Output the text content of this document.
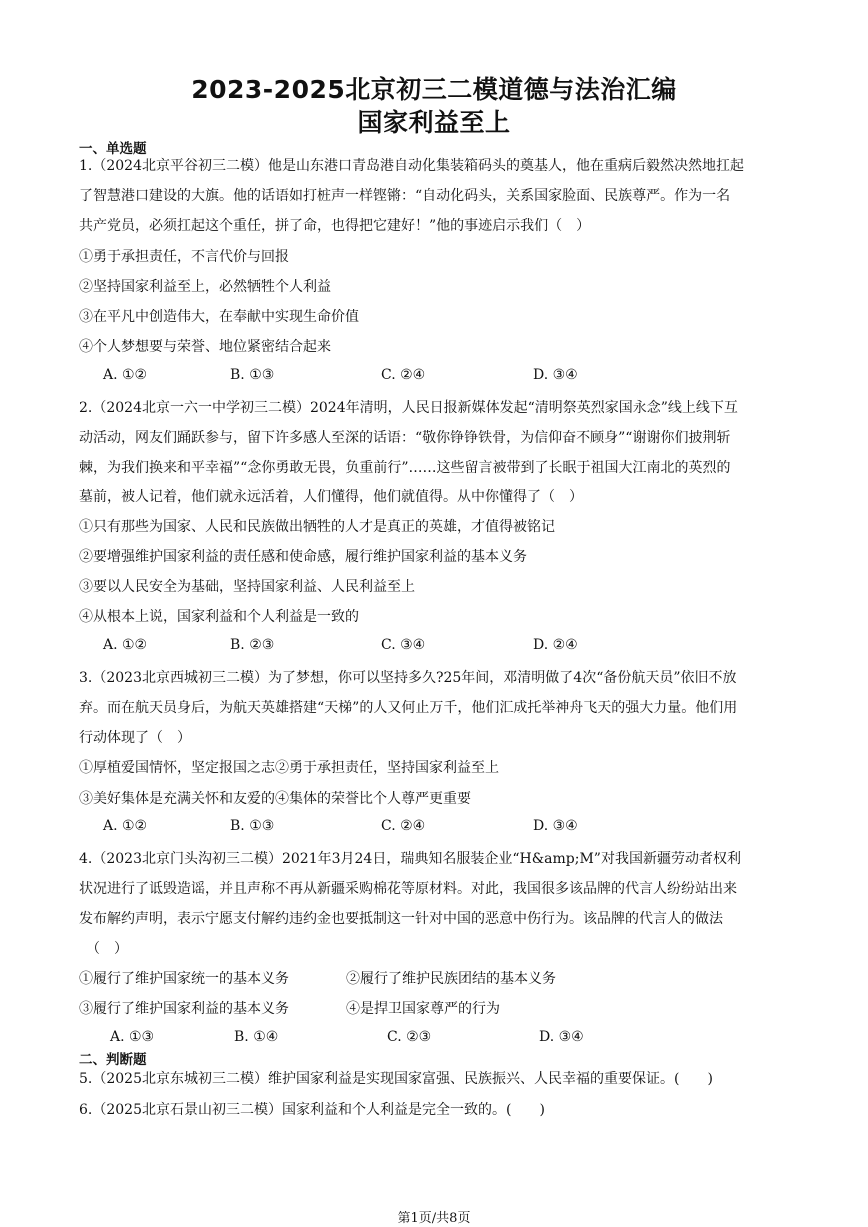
2023-2025北京初三二模道德与法治汇编
国家利益至上
一、单选题
1.（2024北京平谷初三二模）他是山东港口青岛港自动化集装箱码头的奠基人，他在重病后毅然决然地扛起
了智慧港口建设的大旗。他的话语如打桩声一样铿锵：“自动化码头，关系国家脸面、民族尊严。作为一名
共产党员，必须扛起这个重任，拼了命，也得把它建好！”他的事迹启示我们（　）
①勇于承担责任，不言代价与回报
②坚持国家利益至上，必然牺牲个人利益
③在平凡中创造伟大，在奉献中实现生命价值
④个人梦想要与荣誉、地位紧密结合起来
A. ①②	B. ①③	C. ②④	D. ③④
2.（2024北京一六一中学初三二模）2024年清明，人民日报新媒体发起“清明祭英烈家国永念”线上线下互
动活动，网友们踊跃参与，留下许多感人至深的话语：“敬你铮铮铁骨，为信仰奋不顾身”“谢谢你们披荆斩
棘，为我们换来和平幸福”“念你勇敢无畏，负重前行”……这些留言被带到了长眠于祖国大江南北的英烈的
墓前，被人记着，他们就永远活着，人们懂得，他们就值得。从中你懂得了（　）
①只有那些为国家、人民和民族做出牺牲的人才是真正的英雄，才值得被铭记
②要增强维护国家利益的责任感和使命感，履行维护国家利益的基本义务
③要以人民安全为基础，坚持国家利益、人民利益至上
④从根本上说，国家利益和个人利益是一致的
A. ①②	B. ②③	C. ③④	D. ②④
3.（2023北京西城初三二模）为了梦想，你可以坚持多久?25年间，邓清明做了4次“备份航天员”依旧不放
弃。而在航天员身后，为航天英雄搭建“天梯”的人又何止万千，他们汇成托举神舟飞天的强大力量。他们用
行动体现了（　）
①厚植爱国情怀，坚定报国之志②勇于承担责任，坚持国家利益至上
③美好集体是充满关怀和友爱的④集体的荣誉比个人尊严更重要
A. ①②	B. ①③	C. ②④	D. ③④
4.（2023北京门头沟初三二模）2021年3月24日，瑞典知名服装企业“H&amp;M”对我国新疆劳动者权利
状况进行了诋毁造谣，并且声称不再从新疆采购棉花等原材料。对此，我国很多该品牌的代言人纷纷站出来
发布解约声明，表示宁愿支付解约违约金也要抵制这一针对中国的恶意中伤行为。该品牌的代言人的做法
（　）
①履行了维护国家统一的基本义务	②履行了维护民族团结的基本义务
③履行了维护国家利益的基本义务	④是捍卫国家尊严的行为
A. ①③	B. ①④	C. ②③	D. ③④
二、判断题
5.（2025北京东城初三二模）维护国家利益是实现国家富强、民族振兴、人民幸福的重要保证。(　　)
6.（2025北京石景山初三二模）国家利益和个人利益是完全一致的。(　　)
第1页/共8页
